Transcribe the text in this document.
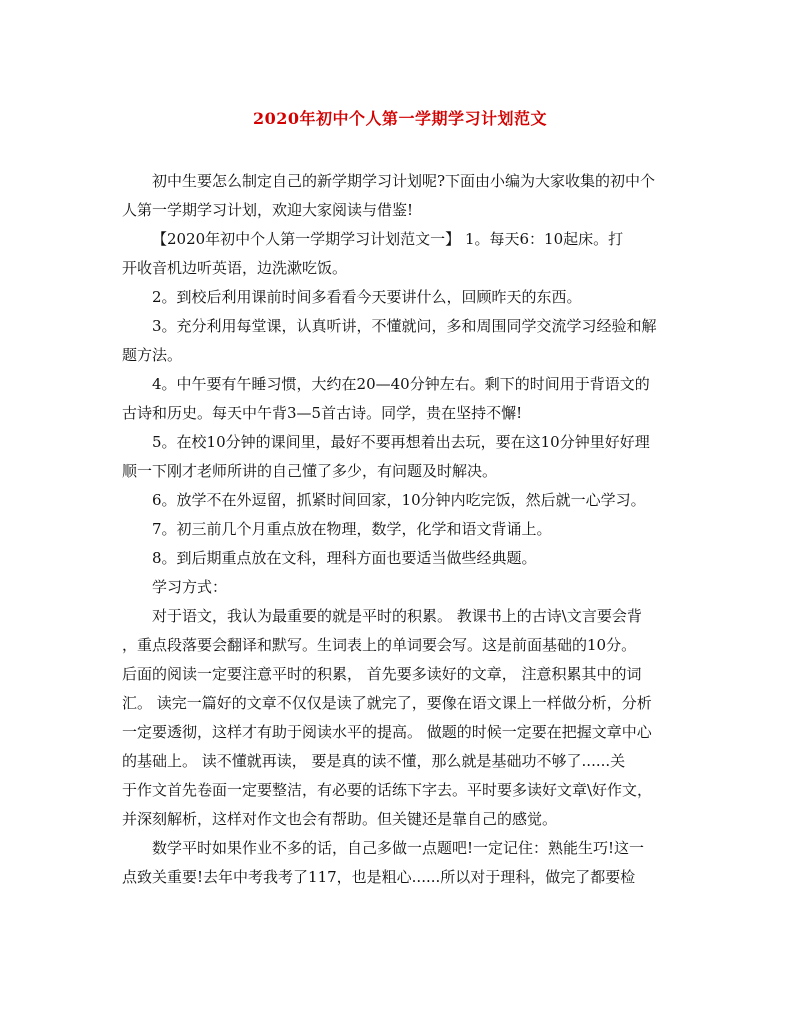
2020年初中个人第一学期学习计划范文
初中生要怎么制定自己的新学期学习计划呢?下面由小编为大家收集的初中个
人第一学期学习计划，欢迎大家阅读与借鉴!
【2020年初中个人第一学期学习计划范文一】 1。每天6：10起床。打
开收音机边听英语，边洗漱吃饭。
2。到校后利用课前时间多看看今天要讲什么，回顾昨天的东西。
3。充分利用每堂课，认真听讲，不懂就问，多和周围同学交流学习经验和解
题方法。
4。中午要有午睡习惯，大约在20—40分钟左右。剩下的时间用于背语文的
古诗和历史。每天中午背3—5首古诗。同学，贵在坚持不懈!
5。在校10分钟的课间里，最好不要再想着出去玩，要在这10分钟里好好理
顺一下刚才老师所讲的自己懂了多少，有问题及时解决。
6。放学不在外逗留，抓紧时间回家，10分钟内吃完饭，然后就一心学习。
7。初三前几个月重点放在物理，数学，化学和语文背诵上。
8。到后期重点放在文科，理科方面也要适当做些经典题。
学习方式：
对于语文，我认为最重要的就是平时的积累。 教课书上的古诗\文言要会背
，重点段落要会翻译和默写。生词表上的单词要会写。这是前面基础的10分。
后面的阅读一定要注意平时的积累， 首先要多读好的文章， 注意积累其中的词
汇。 读完一篇好的文章不仅仅是读了就完了，要像在语文课上一样做分析，分析
一定要透彻，这样才有助于阅读水平的提高。 做题的时候一定要在把握文章中心
的基础上。 读不懂就再读， 要是真的读不懂，那么就是基础功不够了......关
于作文首先卷面一定要整洁，有必要的话练下字去。平时要多读好文章\好作文，
并深刻解析，这样对作文也会有帮助。但关键还是靠自己的感觉。
数学平时如果作业不多的话，自己多做一点题吧!一定记住：熟能生巧!这一
点致关重要!去年中考我考了117，也是粗心......所以对于理科，做完了都要检
